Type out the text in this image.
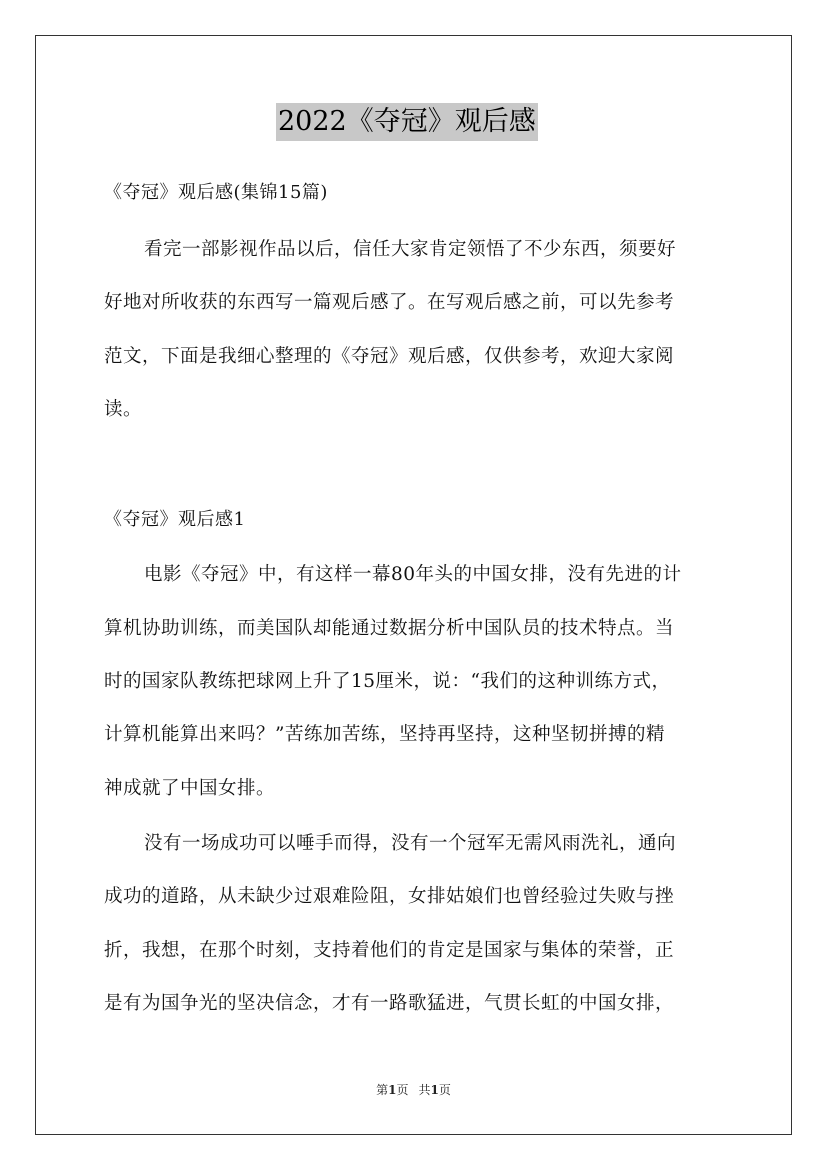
2022《夺冠》观后感
《夺冠》观后感(集锦15篇)
看完一部影视作品以后，信任大家肯定领悟了不少东西，须要好
好地对所收获的东西写一篇观后感了。在写观后感之前，可以先参考
范文，下面是我细心整理的《夺冠》观后感，仅供参考，欢迎大家阅
读。
《夺冠》观后感1
电影《夺冠》中，有这样一幕80年头的中国女排，没有先进的计
算机协助训练，而美国队却能通过数据分析中国队员的技术特点。当
时的国家队教练把球网上升了15厘米，说：“我们的这种训练方式，
计算机能算出来吗？”苦练加苦练，坚持再坚持，这种坚韧拼搏的精
神成就了中国女排。
没有一场成功可以唾手而得，没有一个冠军无需风雨洗礼，通向
成功的道路，从未缺少过艰难险阻，女排姑娘们也曾经验过失败与挫
折，我想，在那个时刻，支持着他们的肯定是国家与集体的荣誉，正
是有为国争光的坚决信念，才有一路歌猛进，气贯长虹的中国女排，
第1页 共1页
